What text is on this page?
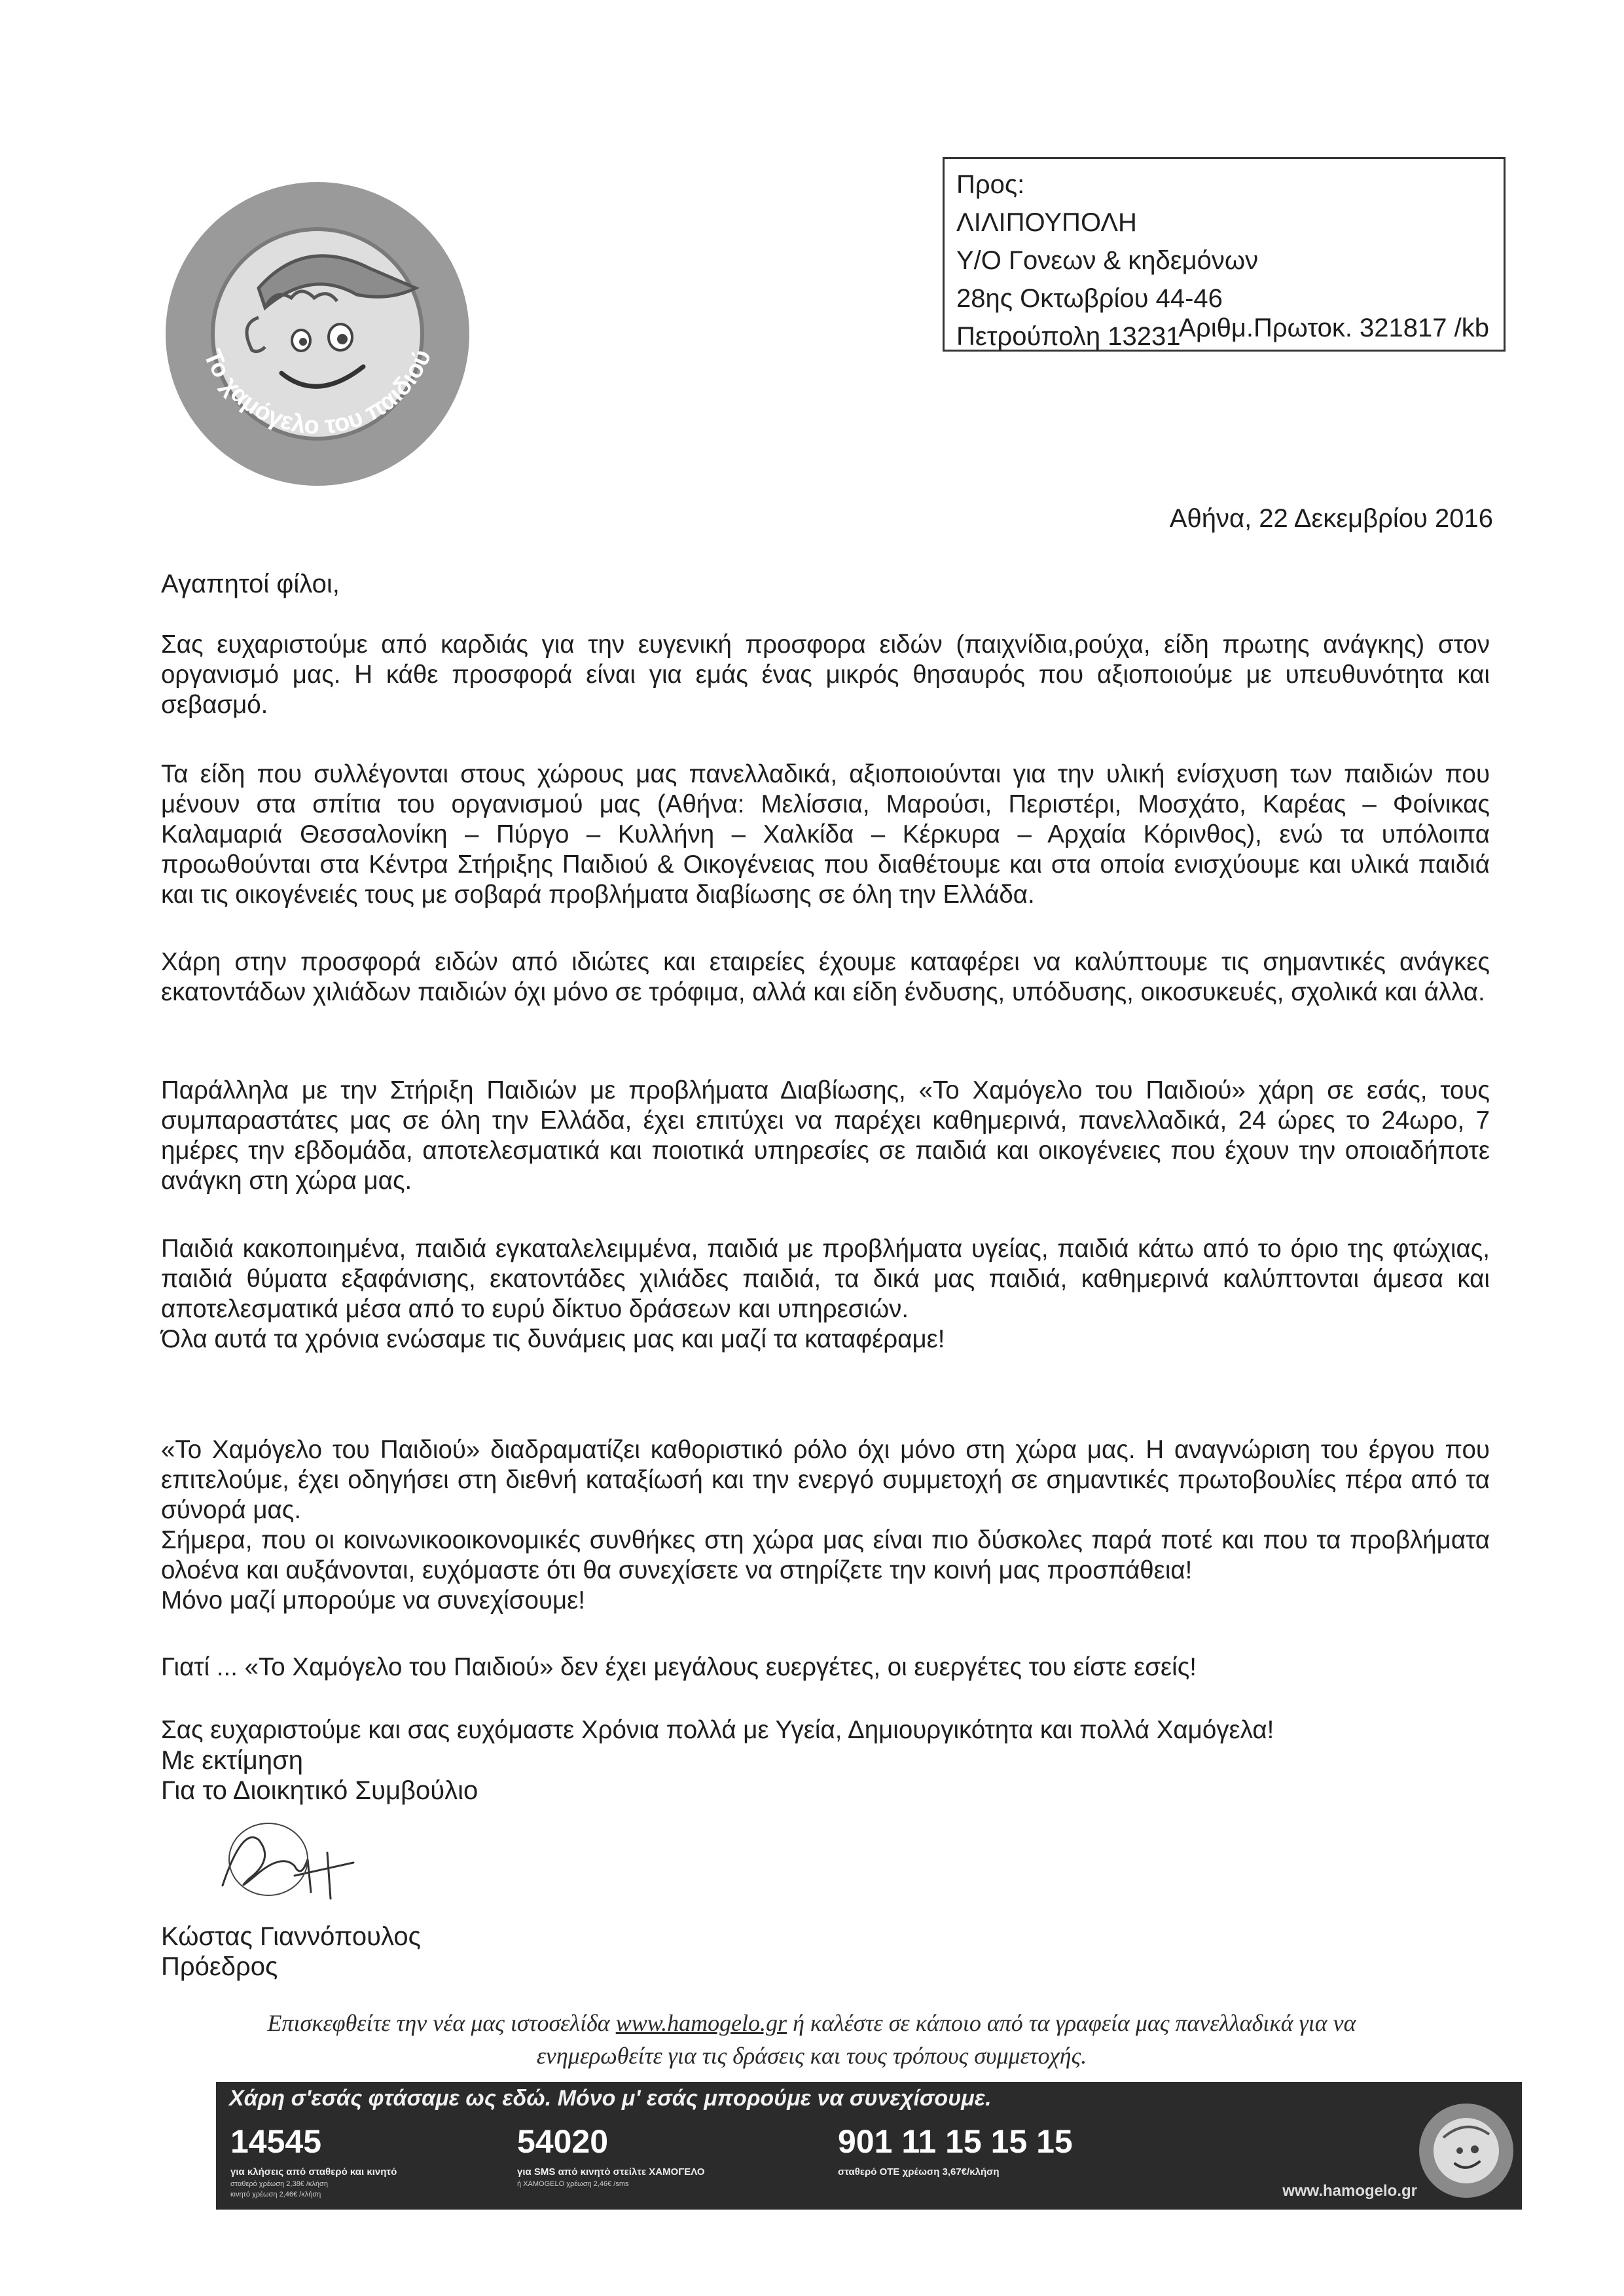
Το χαμόγελο του παιδιού
Προς:
ΛΙΛΙΠΟΥΠΟΛΗ
Υ/Ο Γονεων & κηδεμόνων
28ης Οκτωβρίου 44-46
Πετρούπολη 13231
Αριθμ.Πρωτοκ. 321817 /kb
Αθήνα, 22 Δεκεμβρίου 2016
Αγαπητοί φίλοι,

Σας ευχαριστούμε από καρδιάς για την ευγενική προσφορα ειδών (παιχνίδια,ρούχα, είδη πρωτης ανάγκης) στον οργανισμό μας. Η κάθε προσφορά είναι για εμάς ένας μικρός θησαυρός που αξιοποιούμε με υπευθυνότητα και σεβασμό.

Τα είδη που συλλέγονται στους χώρους μας πανελλαδικά, αξιοποιούνται για την υλική ενίσχυση των παιδιών που μένουν στα σπίτια του οργανισμού μας (Αθήνα: Μελίσσια, Μαρούσι, Περιστέρι, Μοσχάτο, Καρέας – Φοίνικας Καλαμαριά Θεσσαλονίκη – Πύργο – Κυλλήνη – Χαλκίδα – Κέρκυρα – Αρχαία Κόρινθος), ενώ τα υπόλοιπα προωθούνται στα Κέντρα Στήριξης Παιδιού & Οικογένειας που διαθέτουμε και στα οποία ενισχύουμε και υλικά παιδιά και τις οικογένειές τους με σοβαρά προβλήματα διαβίωσης σε όλη την Ελλάδα.

Χάρη στην προσφορά ειδών από ιδιώτες και εταιρείες έχουμε καταφέρει να καλύπτουμε τις σημαντικές ανάγκες εκατοντάδων χιλιάδων παιδιών όχι μόνο σε τρόφιμα, αλλά και είδη ένδυσης, υπόδυσης, οικοσυκευές, σχολικά και άλλα.

Παράλληλα με την Στήριξη Παιδιών με προβλήματα Διαβίωσης, «Το Χαμόγελο του Παιδιού» χάρη σε εσάς, τους συμπαραστάτες μας σε όλη την Ελλάδα, έχει επιτύχει να παρέχει καθημερινά, πανελλαδικά, 24 ώρες το 24ωρο, 7 ημέρες την εβδομάδα, αποτελεσματικά και ποιοτικά υπηρεσίες σε παιδιά και οικογένειες που έχουν την οποιαδήποτε ανάγκη στη χώρα μας.

Παιδιά κακοποιημένα, παιδιά εγκαταλελειμμένα, παιδιά με προβλήματα υγείας, παιδιά κάτω από το όριο της φτώχιας, παιδιά θύματα εξαφάνισης, εκατοντάδες χιλιάδες παιδιά, τα δικά μας παιδιά, καθημερινά καλύπτονται άμεσα και αποτελεσματικά μέσα από το ευρύ δίκτυο δράσεων και υπηρεσιών.

Όλα αυτά τα χρόνια ενώσαμε τις δυνάμεις μας και μαζί τα καταφέραμε!

«Το Χαμόγελο του Παιδιού» διαδραματίζει καθοριστικό ρόλο όχι μόνο στη χώρα μας. Η αναγνώριση του έργου που επιτελούμε, έχει οδηγήσει στη διεθνή καταξίωσή και την ενεργό συμμετοχή σε σημαντικές πρωτοβουλίες πέρα από τα σύνορά μας.

Σήμερα, που οι κοινωνικοοικονομικές συνθήκες στη χώρα μας είναι πιο δύσκολες παρά ποτέ και που τα προβλήματα ολοένα και αυξάνονται, ευχόμαστε ότι θα συνεχίσετε να στηρίζετε την κοινή μας προσπάθεια!

Μόνο μαζί μπορούμε να συνεχίσουμε!

Γιατί ... «Το Χαμόγελο του Παιδιού» δεν έχει μεγάλους ευεργέτες, οι ευεργέτες του είστε εσείς!

Σας ευχαριστούμε και σας ευχόμαστε Χρόνια πολλά με Υγεία, Δημιουργικότητα και πολλά Χαμόγελα!

Με εκτίμηση
Για το Διοικητικό Συμβούλιο
Κώστας Γιαννόπουλος
Πρόεδρος
Επισκεφθείτε την νέα μας ιστοσελίδα www.hamogelo.gr ή καλέστε σε κάποιο από τα γραφεία μας πανελλαδικά για να
ενημερωθείτε για τις δράσεις και τους τρόπους συμμετοχής.
Χάρη σ'εσάς φτάσαμε ως εδώ. Μόνο μ' εσάς μπορούμε να συνεχίσουμε.
14545
για κλήσεις από σταθερό και κινητό
σταθερό χρέωση 2,38€ /κλήση
κινητό χρέωση 2,46€ /κλήση
54020
για SMS από κινητό στείλτε ΧΑΜΟΓΕΛΟ
ή XAMOGELO χρέωση 2,46€ /sms
901 11 15 15 15
σταθερό ΟΤΕ χρέωση 3,67€/κλήση
www.hamogelo.gr
